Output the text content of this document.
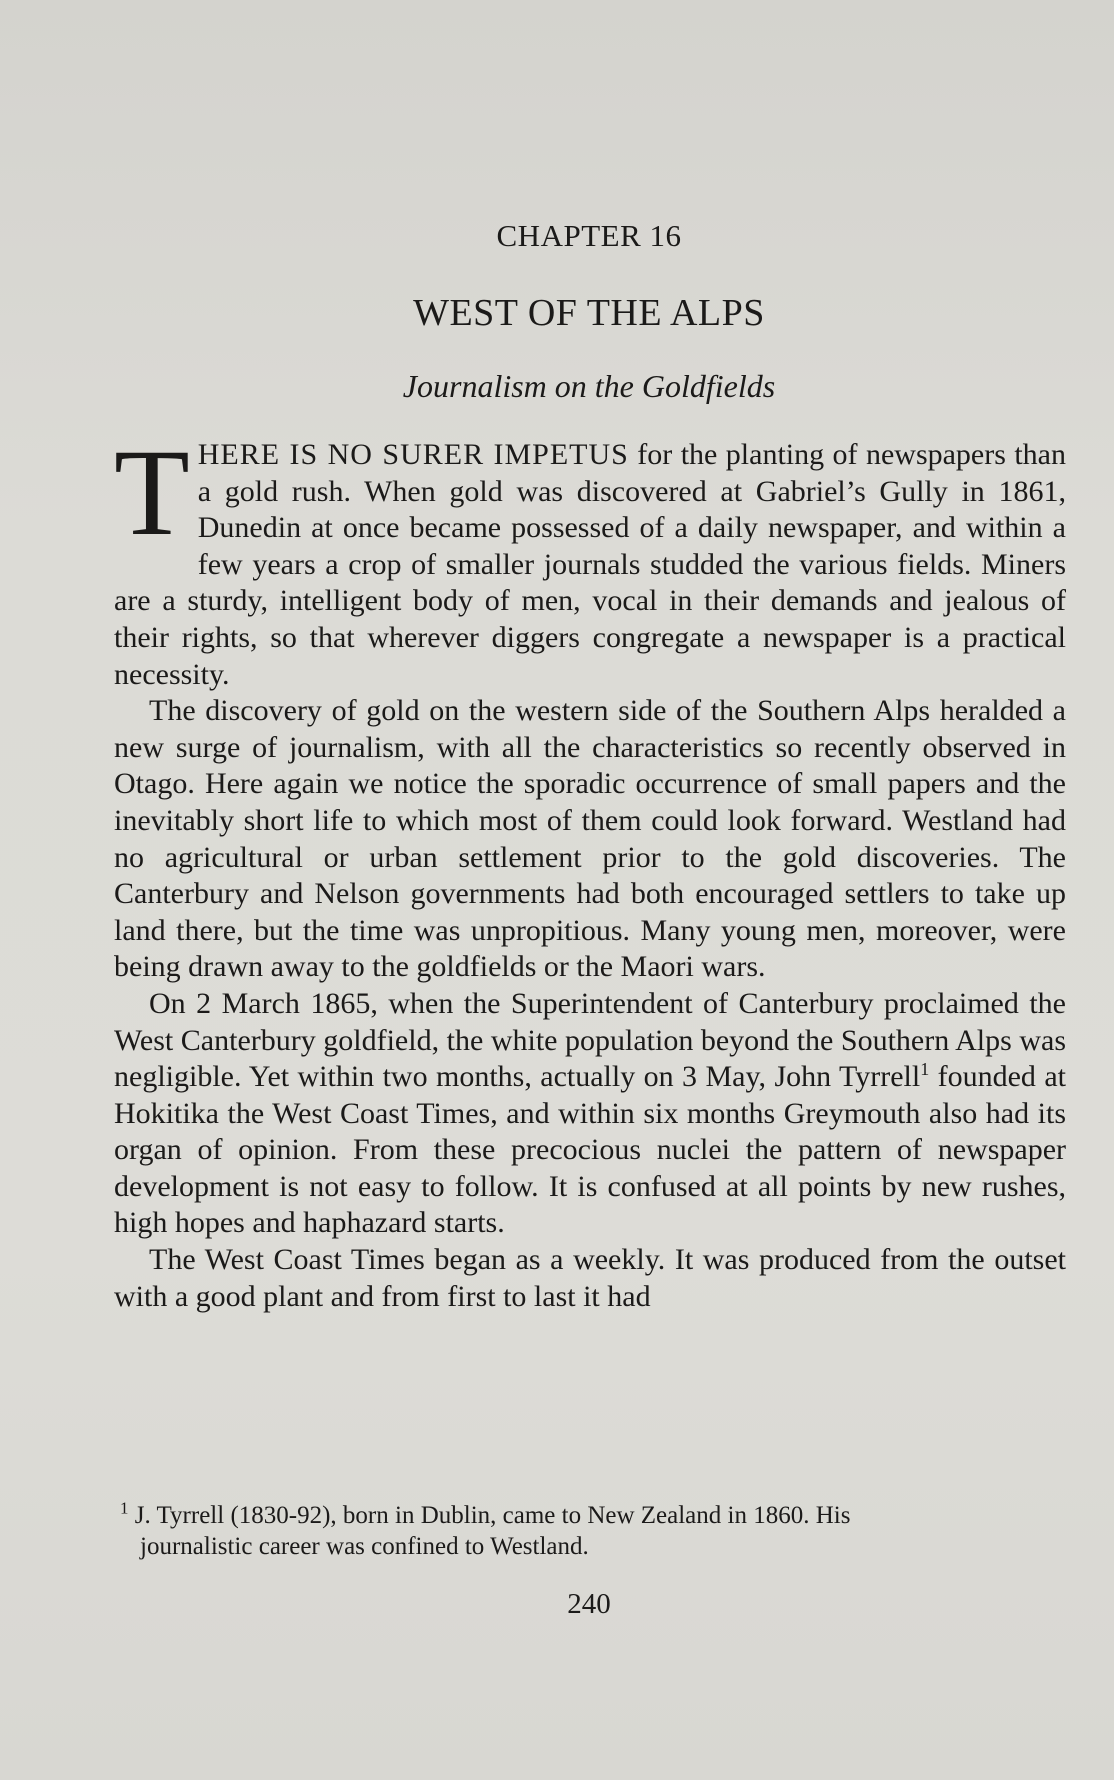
CHAPTER 16
WEST OF THE ALPS
Journalism on the Goldfields

THERE IS NO SURER IMPETUS for the planting of newspapers than a gold rush. When gold was discovered at Gabriel’s Gully in 1861, Dunedin at once became possessed of a daily newspaper, and within a few years a crop of smaller journals studded the various fields. Miners are a sturdy, intelligent body of men, vocal in their demands and jealous of their rights, so that wherever diggers congregate a newspaper is a practical necessity.

The discovery of gold on the western side of the Southern Alps heralded a new surge of journalism, with all the characteristics so recently observed in Otago. Here again we notice the sporadic occurrence of small papers and the inevitably short life to which most of them could look forward. Westland had no agricultural or urban settlement prior to the gold discoveries. The Canterbury and Nelson governments had both encouraged settlers to take up land there, but the time was unpropitious. Many young men, moreover, were being drawn away to the goldfields or the Maori wars.

On 2 March 1865, when the Superintendent of Canterbury proclaimed the West Canterbury goldfield, the white population beyond the Southern Alps was negligible. Yet within two months, actually on 3 May, John Tyrrell$^1$ founded at Hokitika the West Coast Times, and within six months Greymouth also had its organ of opinion. From these precocious nuclei the pattern of newspaper development is not easy to follow. It is confused at all points by new rushes, high hopes and haphazard starts.

The West Coast Times began as a weekly. It was produced from the outset with a good plant and from first to last it had

$^1$ J. Tyrrell (1830-92), born in Dublin, came to New Zealand in 1860. His
journalistic career was confined to Westland.
240
